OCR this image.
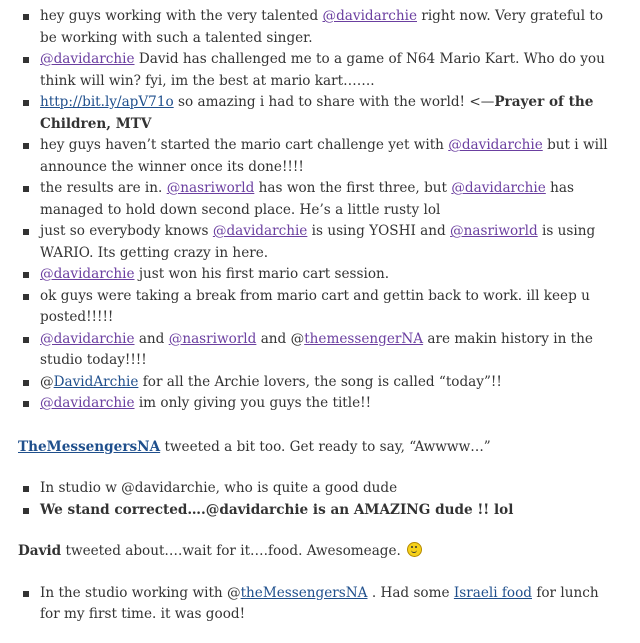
hey guys working with the very talented @davidarchie right now. Very grateful to be working with such a talented singer.
@davidarchie David has challenged me to a game of N64 Mario Kart. Who do you think will win? fyi, im the best at mario kart…….
http://bit.ly/apV71o so amazing i had to share with the world! <—Prayer of the Children, MTV
hey guys haven’t started the mario cart challenge yet with @davidarchie but i will announce the winner once its done!!!!
the results are in. @nasriworld has won the first three, but @davidarchie has managed to hold down second place. He’s a little rusty lol
just so everybody knows @davidarchie is using YOSHI and @nasriworld is using WARIO. Its getting crazy in here.
@davidarchie just won his first mario cart session.
ok guys were taking a break from mario cart and gettin back to work. ill keep u posted!!!!!
@davidarchie and @nasriworld and @themessengerNA are makin history in the studio today!!!!
@DavidArchie for all the Archie lovers, the song is called “today”!!
@davidarchie im only giving you guys the title!!

TheMessengersNA tweeted a bit too. Get ready to say, “Awwww…”

In studio w @davidarchie, who is quite a good dude
We stand corrected….@davidarchie is an AMAZING dude !! lol

David tweeted about….wait for it….food. Awesomeage.

In the studio working with @theMessengersNA . Had some Israeli food for lunch for my first time. it was good!
